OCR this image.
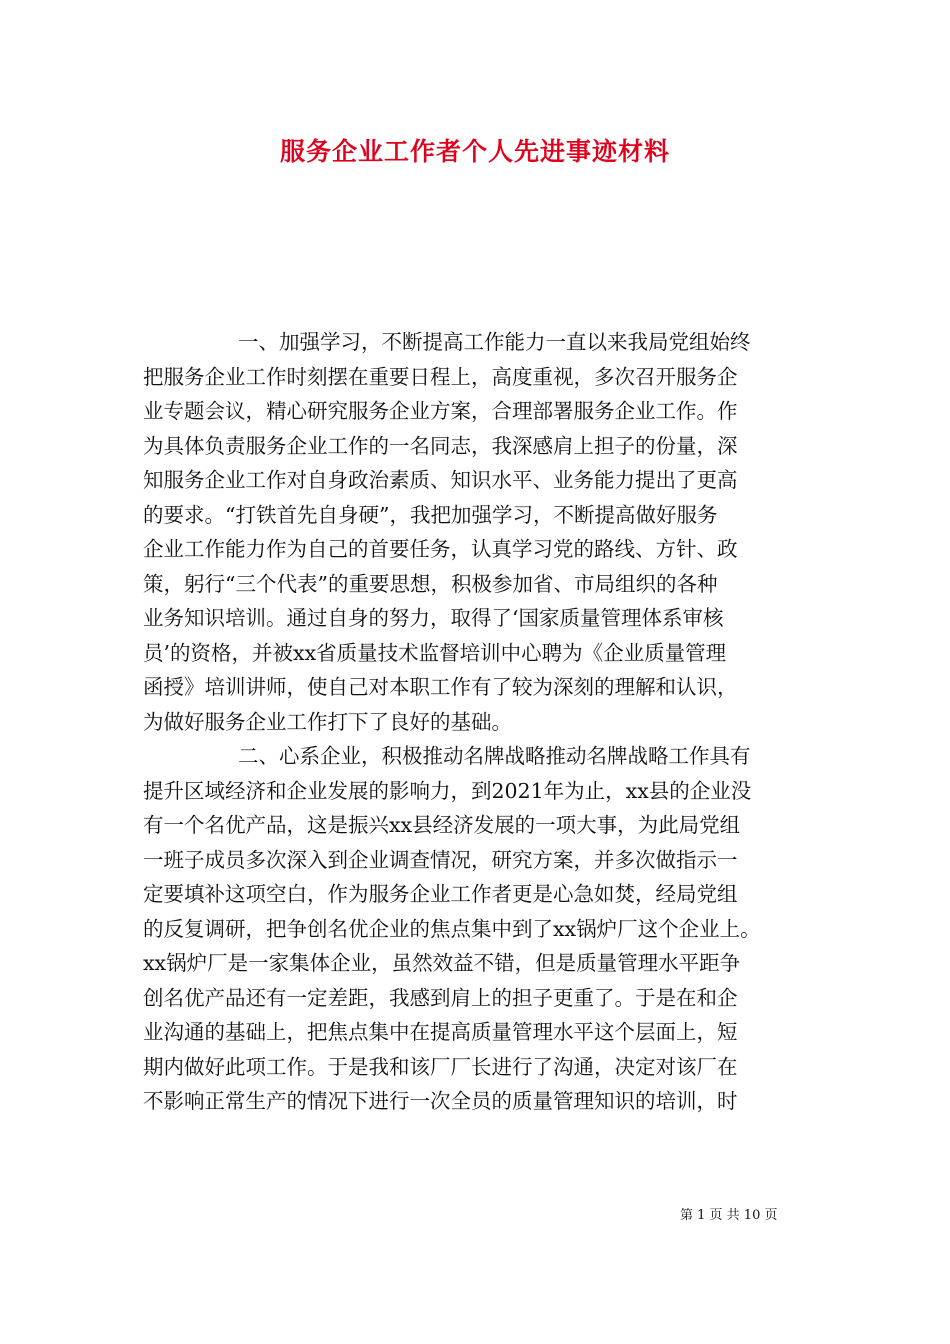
服务企业工作者个人先进事迹材料
一、加强学习，不断提高工作能力一直以来我局党组始终
把服务企业工作时刻摆在重要日程上，高度重视，多次召开服务企
业专题会议，精心研究服务企业方案，合理部署服务企业工作。作
为具体负责服务企业工作的一名同志，我深感肩上担子的份量，深
知服务企业工作对自身政治素质、知识水平、业务能力提出了更高
的要求。“打铁首先自身硬”，我把加强学习，不断提高做好服务
企业工作能力作为自己的首要任务，认真学习党的路线、方针、政
策，躬行“三个代表”的重要思想，积极参加省、市局组织的各种
业务知识培训。通过自身的努力，取得了‘国家质量管理体系审核
员’的资格，并被xx省质量技术监督培训中心聘为《企业质量管理
函授》培训讲师，使自己对本职工作有了较为深刻的理解和认识，
为做好服务企业工作打下了良好的基础。
二、心系企业，积极推动名牌战略推动名牌战略工作具有
提升区域经济和企业发展的影响力，到2021年为止，xx县的企业没
有一个名优产品，这是振兴xx县经济发展的一项大事，为此局党组
一班子成员多次深入到企业调查情况，研究方案，并多次做指示一
定要填补这项空白，作为服务企业工作者更是心急如焚，经局党组
的反复调研，把争创名优企业的焦点集中到了xx锅炉厂这个企业上。
xx锅炉厂是一家集体企业，虽然效益不错，但是质量管理水平距争
创名优产品还有一定差距，我感到肩上的担子更重了。于是在和企
业沟通的基础上，把焦点集中在提高质量管理水平这个层面上，短
期内做好此项工作。于是我和该厂厂长进行了沟通，决定对该厂在
不影响正常生产的情况下进行一次全员的质量管理知识的培训，时
第 1 页 共 10 页
